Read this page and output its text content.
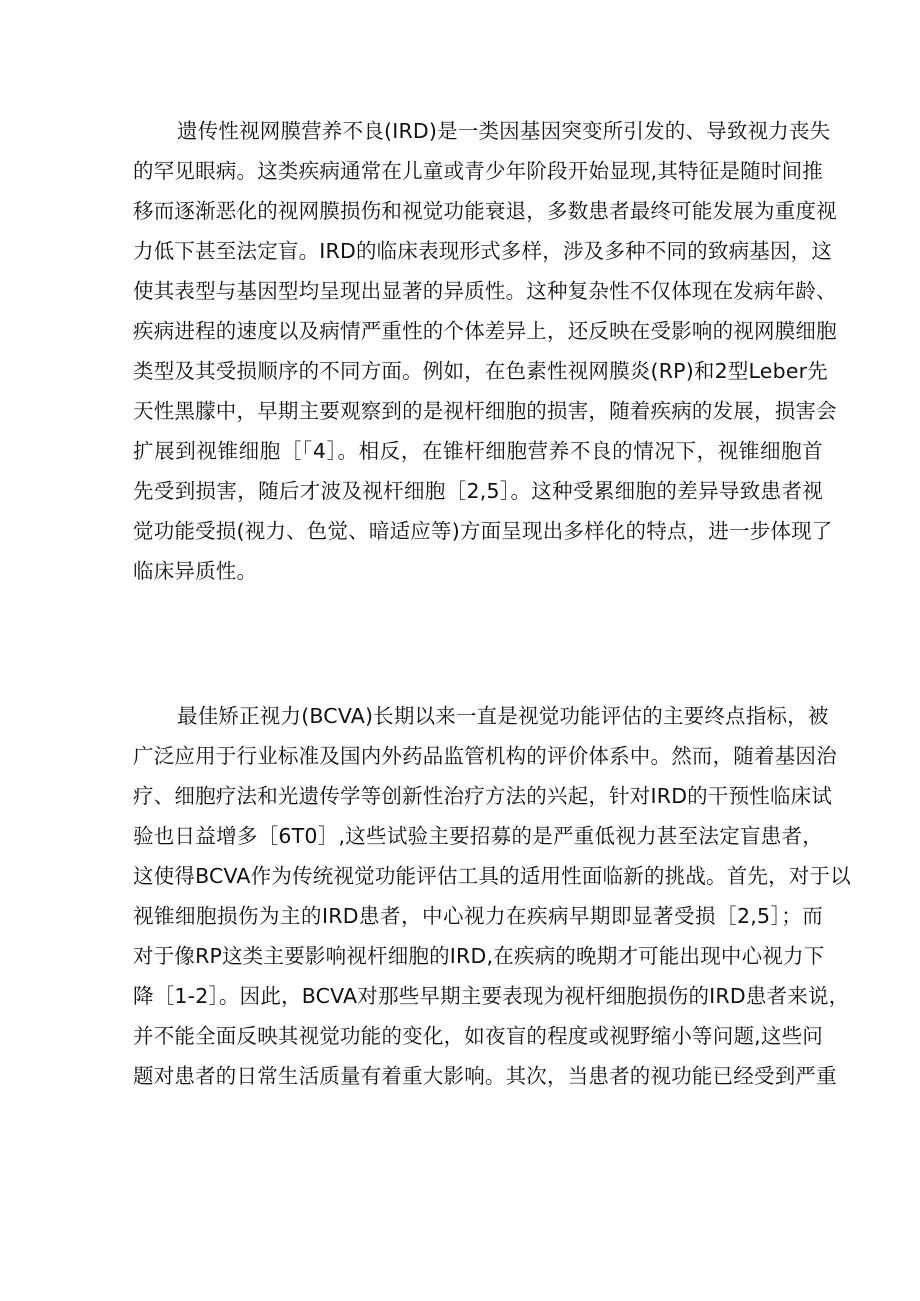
遗传性视网膜营养不良(IRD)是一类因基因突变所引发的、导致视力丧失
的罕见眼病。这类疾病通常在儿童或青少年阶段开始显现,其特征是随时间推
移而逐渐恶化的视网膜损伤和视觉功能衰退，多数患者最终可能发展为重度视
力低下甚至法定盲。IRD的临床表现形式多样，涉及多种不同的致病基因，这
使其表型与基因型均呈现出显著的异质性。这种复杂性不仅体现在发病年龄、
疾病进程的速度以及病情严重性的个体差异上，还反映在受影响的视网膜细胞
类型及其受损顺序的不同方面。例如，在色素性视网膜炎(RP)和2型Leber先
天性黑朦中，早期主要观察到的是视杆细胞的损害，随着疾病的发展，损害会
扩展到视锥细胞［「4］。相反，在锥杆细胞营养不良的情况下，视锥细胞首
先受到损害，随后才波及视杆细胞［2,5］。这种受累细胞的差异导致患者视
觉功能受损(视力、色觉、暗适应等)方面呈现出多样化的特点，进一步体现了
临床异质性。
最佳矫正视力(BCVA)长期以来一直是视觉功能评估的主要终点指标，被
广泛应用于行业标准及国内外药品监管机构的评价体系中。然而，随着基因治
疗、细胞疗法和光遗传学等创新性治疗方法的兴起，针对IRD的干预性临床试
验也日益增多［6T0］,这些试验主要招募的是严重低视力甚至法定盲患者，
这使得BCVA作为传统视觉功能评估工具的适用性面临新的挑战。首先，对于以
视锥细胞损伤为主的IRD患者，中心视力在疾病早期即显著受损［2,5］；而
对于像RP这类主要影响视杆细胞的IRD,在疾病的晚期才可能出现中心视力下
降［1-2］。因此，BCVA对那些早期主要表现为视杆细胞损伤的IRD患者来说，
并不能全面反映其视觉功能的变化，如夜盲的程度或视野缩小等问题,这些问
题对患者的日常生活质量有着重大影响。其次，当患者的视功能已经受到严重
